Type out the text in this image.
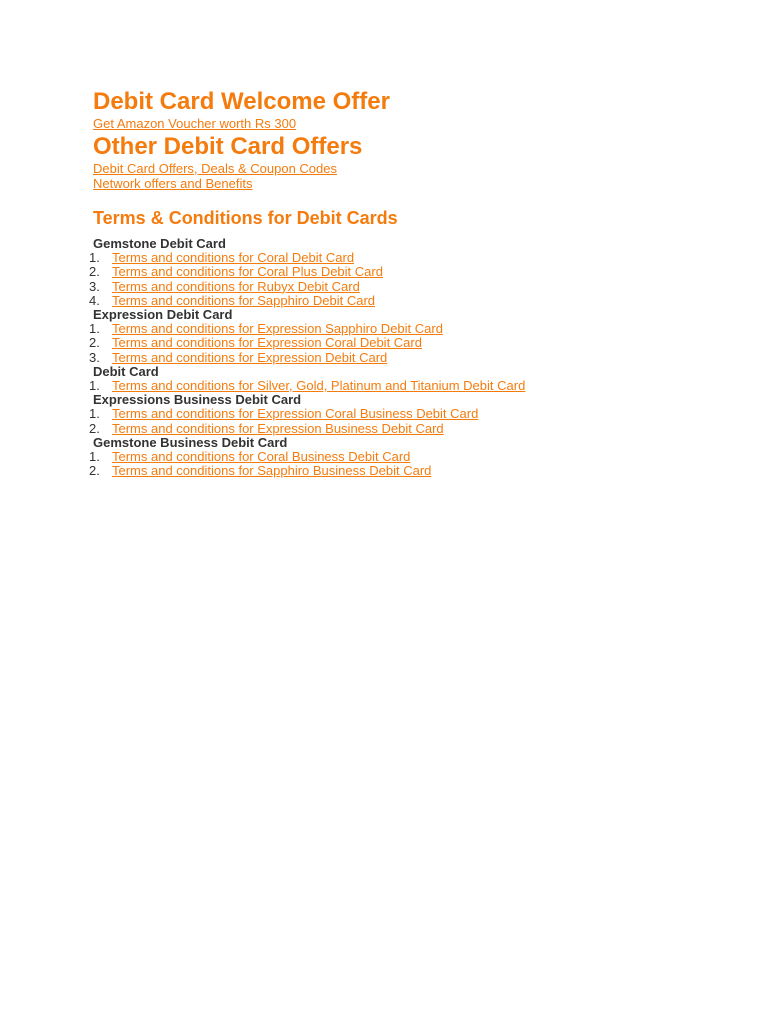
Debit Card Welcome Offer
Get Amazon Voucher worth Rs 300
Other Debit Card Offers
Debit Card Offers, Deals & Coupon Codes
Network offers and Benefits
Terms & Conditions for Debit Cards
Gemstone Debit Card
1. Terms and conditions for Coral Debit Card
2. Terms and conditions for Coral Plus Debit Card
3. Terms and conditions for Rubyx Debit Card
4. Terms and conditions for Sapphiro Debit Card
Expression Debit Card
1. Terms and conditions for Expression Sapphiro Debit Card
2. Terms and conditions for Expression Coral Debit Card
3. Terms and conditions for Expression Debit Card
Debit Card
1. Terms and conditions for Silver, Gold, Platinum and Titanium Debit Card
Expressions Business Debit Card
1. Terms and conditions for Expression Coral Business Debit Card
2. Terms and conditions for Expression Business Debit Card
Gemstone Business Debit Card
1. Terms and conditions for Coral Business Debit Card
2. Terms and conditions for Sapphiro Business Debit Card
